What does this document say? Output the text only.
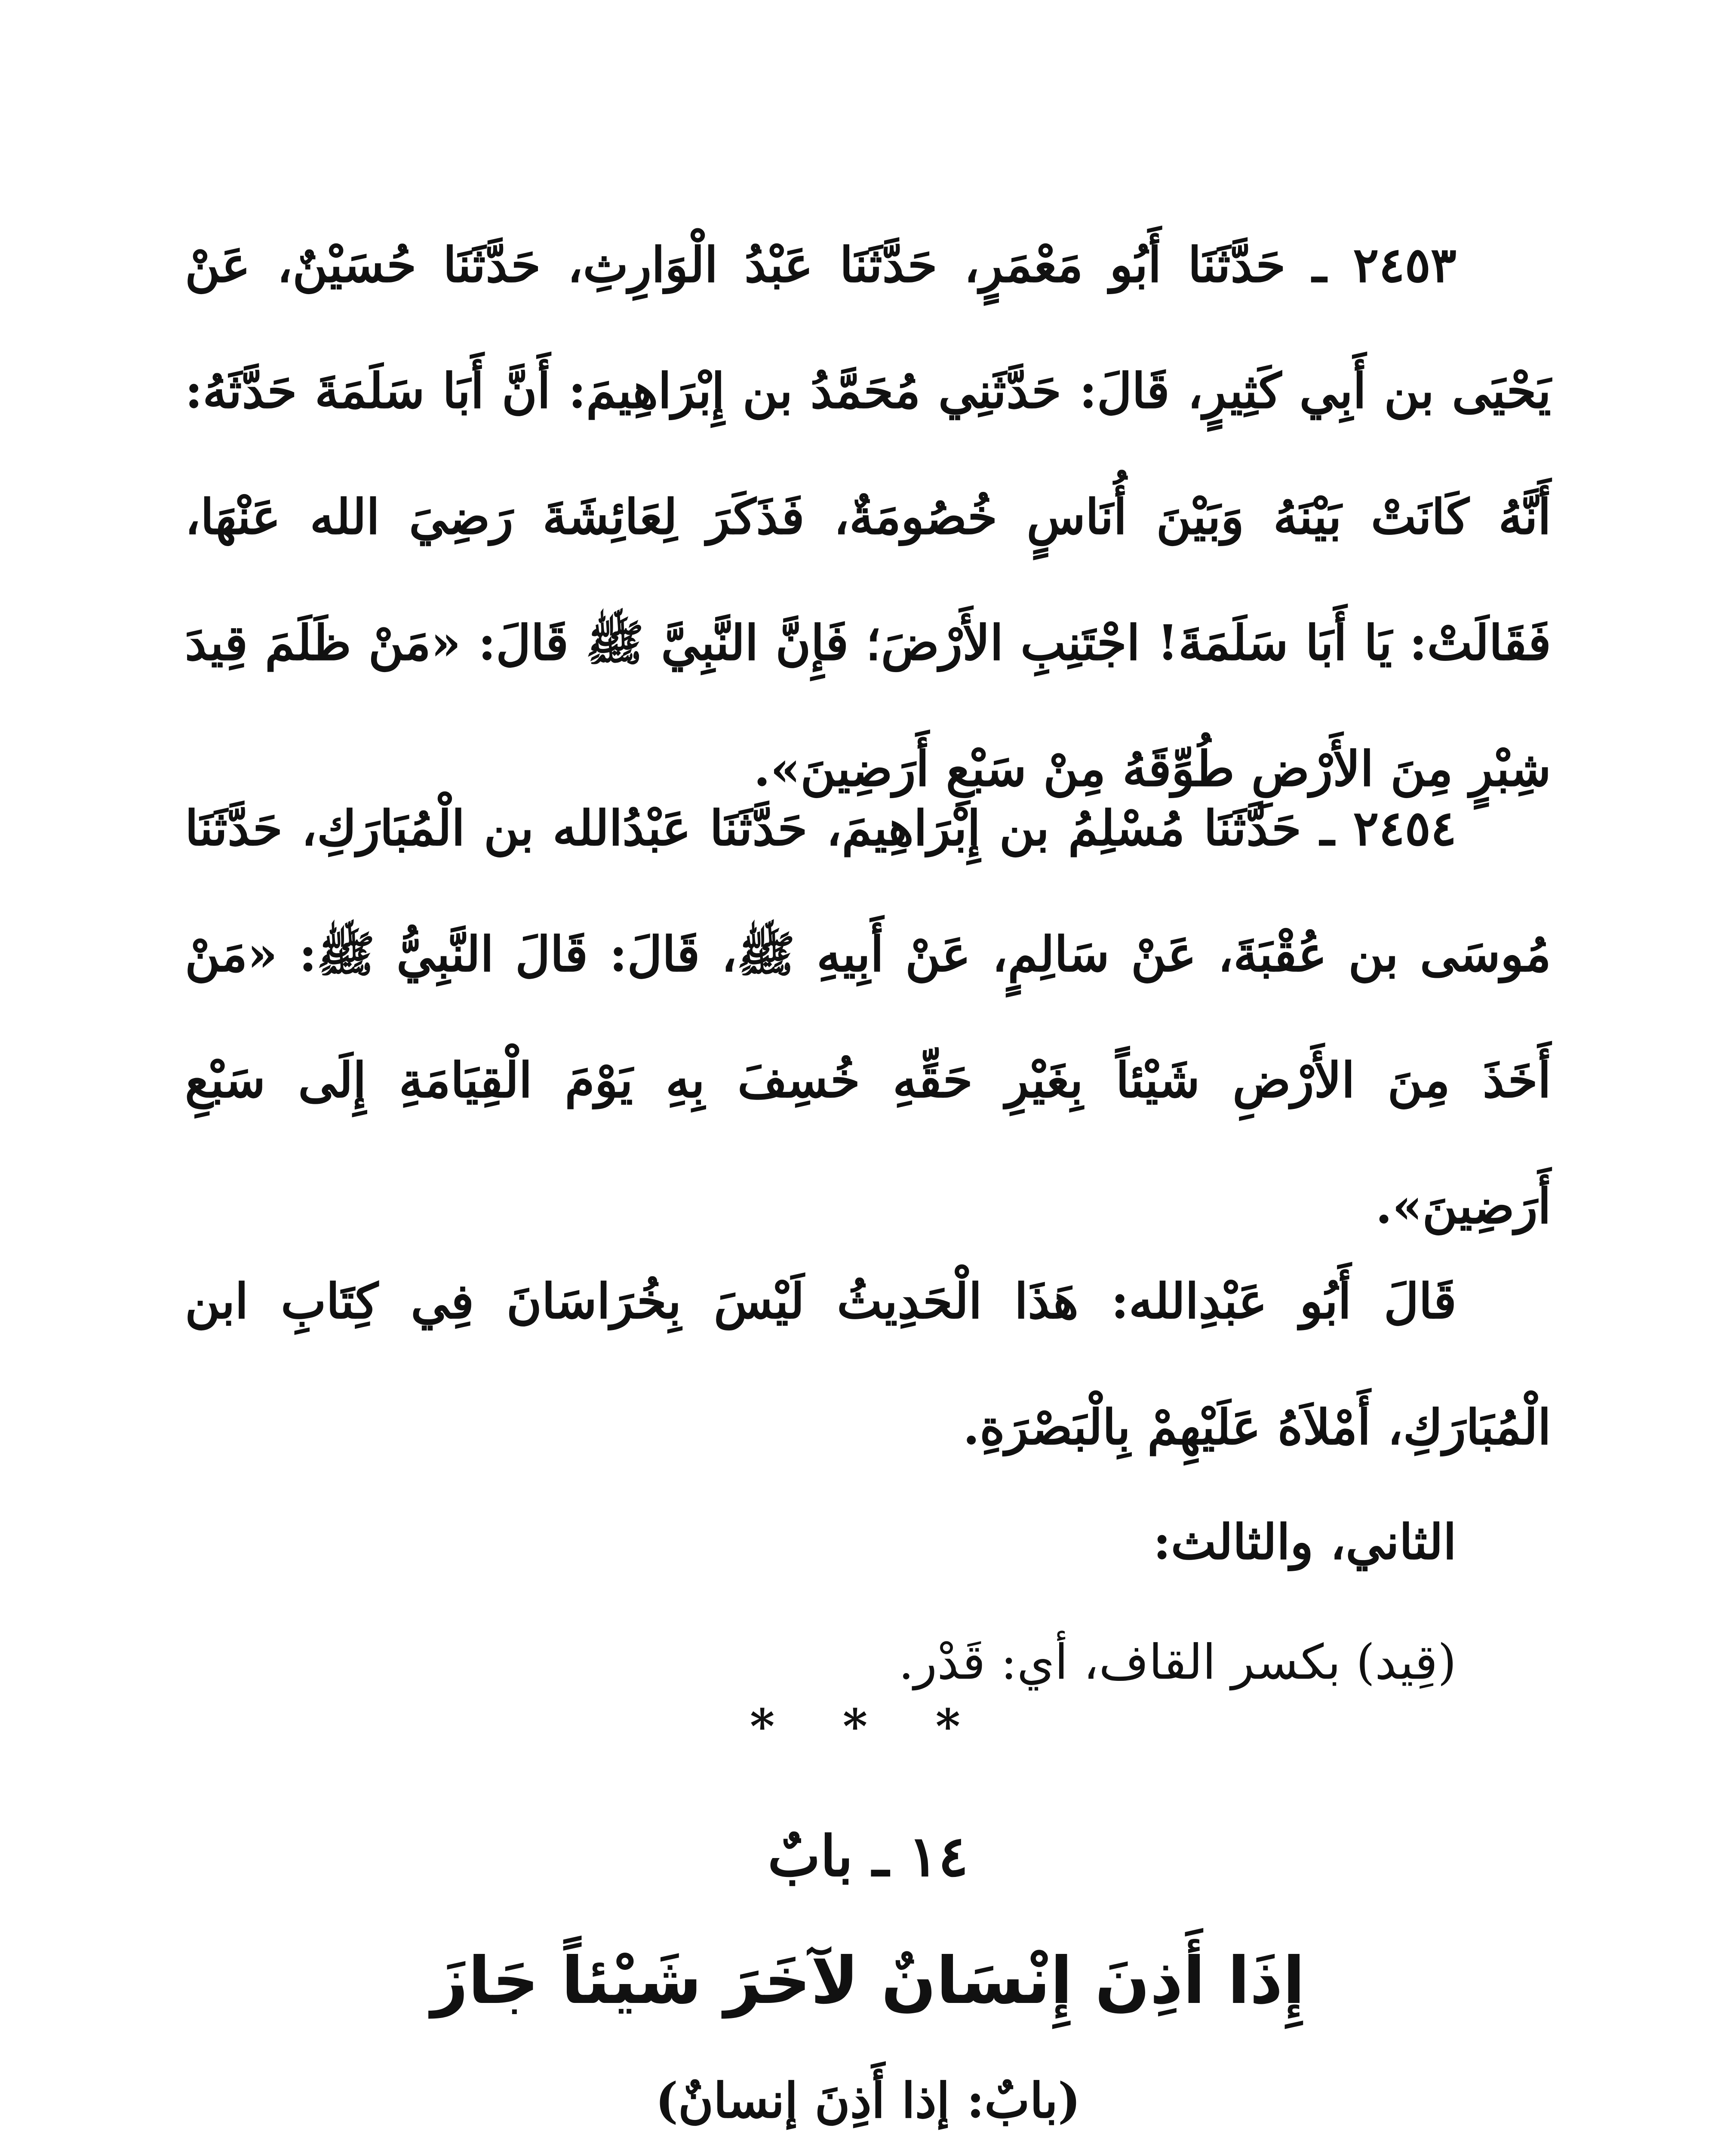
٢٤٥٣ ـ حَدَّثَنَا أَبُو مَعْمَرٍ، حَدَّثَنَا عَبْدُ الْوَارِثِ، حَدَّثَنَا حُسَيْنٌ، عَنْ يَحْيَى بن أَبِي كَثِيرٍ، قَالَ: حَدَّثَنِي مُحَمَّدُ بن إِبْرَاهِيمَ: أَنَّ أَبَا سَلَمَةَ حَدَّثَهُ: أَنَّهُ كَانَتْ بَيْنَهُ وَبَيْنَ أُنَاسٍ خُصُومَةٌ، فَذَكَرَ لِعَائِشَةَ رَضِيَ الله عَنْهَا، فَقَالَتْ: يَا أَبَا سَلَمَةَ! اجْتَنِبِ الأَرْضَ؛ فَإِنَّ النَّبِيَّ ﷺ قَالَ: «مَنْ ظَلَمَ قِيدَ شِبْرٍ مِنَ الأَرْضِ طُوِّقَهُ مِنْ سَبْعِ أَرَضِينَ».

٢٤٥٤ ـ حَدَّثَنَا مُسْلِمُ بن إِبْرَاهِيمَ، حَدَّثَنَا عَبْدُالله بن الْمُبَارَكِ، حَدَّثَنَا مُوسَى بن عُقْبَةَ، عَنْ سَالِمٍ، عَنْ أَبِيهِ ﷺ، قَالَ: قَالَ النَّبِيُّ ﷺ: «مَنْ أَخَذَ مِنَ الأَرْضِ شَيْئاً بِغَيْرِ حَقِّهِ خُسِفَ بِهِ يَوْمَ الْقِيَامَةِ إِلَى سَبْعِ أَرَضِينَ».

قَالَ أَبُو عَبْدِالله: هَذَا الْحَدِيثُ لَيْسَ بِخُرَاسَانَ فِي كِتَابِ ابن الْمُبَارَكِ، أَمْلاَهُ عَلَيْهِمْ بِالْبَصْرَةِ.

الثاني، والثالث:

(قِيد) بكسر القاف، أي: قَدْر.

* * *
١٤ ـ بابٌ
إِذَا أَذِنَ إِنْسَانٌ لآخَرَ شَيْئاً جَازَ
(بابٌ: إذا أَذِنَ إنسانٌ)
